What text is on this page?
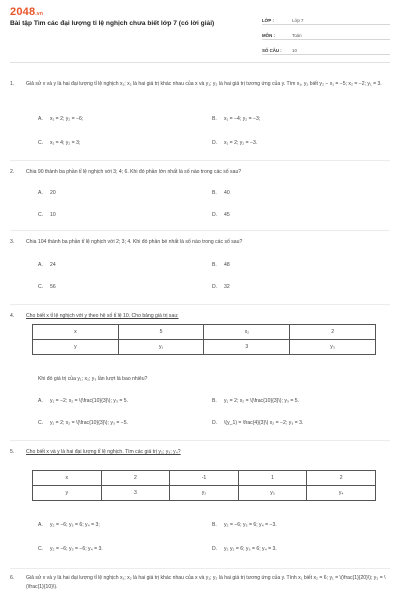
2048.vn
Bài tập Tìm các đại lượng tỉ lệ nghịch chưa biết lớp 7 (có lời giải)	LỚP :	Lớp 7
MÔN :	Toán
SỐ CÂU :	10
1. Giả sử x và y là hai đại lượng tỉ lệ nghịch x₁; x₂ là hai giá trị khác nhau của x và y₁; y₂ là hai giá trị tương ứng của y. Tìm x₁, y₂ biết y₂ − x₁ = −5; x₂ = −2; y₁ = 3.
A. x₁ = 2; y₂ = −6;	B. x₁ = −4; y₂ = −3;
C. x₁ = 4; y₂ = 3;	D. x₁ = 2; y₂ = −3.
2. Chia 90 thành ba phần tỉ lệ nghịch với 3; 4; 6. Khi đó phần lớn nhất là số nào trong các số sau?
A. 20	B. 40
C. 10	D. 45
3. Chia 104 thành ba phần tỉ lệ nghịch với 2; 3; 4. Khi đó phần bé nhất là số nào trong các số sau?
A. 24	B. 48
C. 56	D. 32
4. Cho biết x tỉ lệ nghịch với y theo hệ số tỉ lệ 10. Cho bảng giá trị sau:
x	5	x₂	2
y	y₁	3	y₃
Khi đó giá trị của y₁; x₂; y₃ lần lượt là bao nhiêu?
A. y₁ = −2; x₂ = \(\frac{10}{3}\); y₃ = 5.	B. y₁ = 2; x₂ = \(\frac{10}{3}\); y₃ = 5.
C. y₁ = 2; x₂ = \(\frac{10}{3}\); y₃ = −5.	D. \(y_1) = \frac{4}{3}\) x₂ = −2; y₃ = 3.
5. Cho biết x và y là hai đại lượng tỉ lệ nghịch. Tìm các giá trị y₂; y₃; y₄?
x	2	-1	1	2
y	3	y₂	y₃	y₄
A. y₂ = −6; y₃ = 6; y₄ = 3;	B. y₂ = −6; y₃ = 6; y₄ = −3.
C. y₂ = −6; y₃ = −6; y₄ = 3.	D. y₂ y₂ = 6; y₃ = 6; y₄ = 3.
6. Giả sử x và y là hai đại lượng tỉ lệ nghịch x₁; x₂ là hai giá trị khác nhau của x và y₁; y₂ là hai giá trị tương ứng của y. Tính x₁ biết x₂ = 6; y₁ = \(\frac{1}{20}\); y₂ = \(\frac{1}{10}\).
